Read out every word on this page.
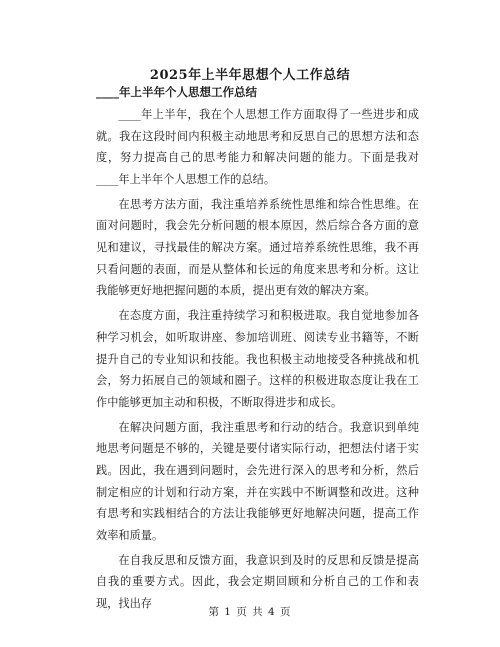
2025年上半年思想个人工作总结
____年上半年个人思想工作总结

____年上半年，我在个人思想工作方面取得了一些进步和成就。我在这段时间内积极主动地思考和反思自己的思想方法和态度，努力提高自己的思考能力和解决问题的能力。下面是我对____年上半年个人思想工作的总结。

在思考方法方面，我注重培养系统性思维和综合性思维。在面对问题时，我会先分析问题的根本原因，然后综合各方面的意见和建议，寻找最佳的解决方案。通过培养系统性思维，我不再只看问题的表面，而是从整体和长远的角度来思考和分析。这让我能够更好地把握问题的本质，提出更有效的解决方案。

在态度方面，我注重持续学习和积极进取。我自觉地参加各种学习机会，如听取讲座、参加培训班、阅读专业书籍等，不断提升自己的专业知识和技能。我也积极主动地接受各种挑战和机会，努力拓展自己的领域和圈子。这样的积极进取态度让我在工作中能够更加主动和积极，不断取得进步和成长。

在解决问题方面，我注重思考和行动的结合。我意识到单纯地思考问题是不够的，关键是要付诸实际行动，把想法付诸于实践。因此，我在遇到问题时，会先进行深入的思考和分析，然后制定相应的计划和行动方案，并在实践中不断调整和改进。这种有思考和实践相结合的方法让我能够更好地解决问题，提高工作效率和质量。

在自我反思和反馈方面，我意识到及时的反思和反馈是提高自我的重要方式。因此，我会定期回顾和分析自己的工作和表现，找出存

第 1 页 共 4 页
